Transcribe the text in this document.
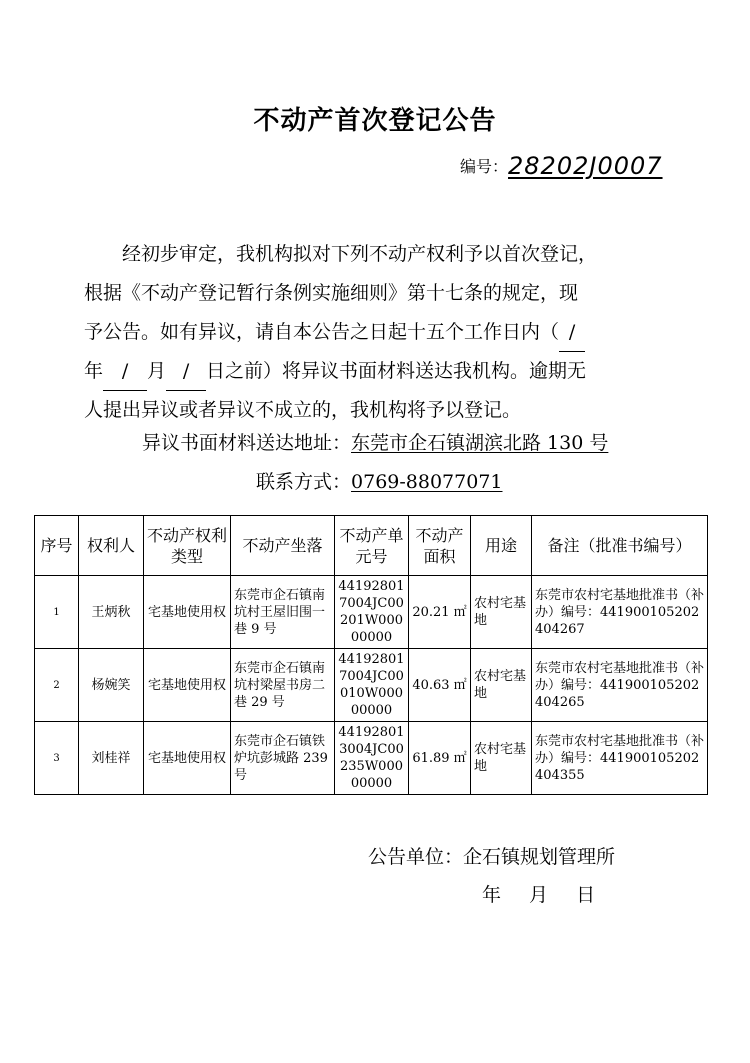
不动产首次登记公告
编号：28202J0007
经初步审定，我机构拟对下列不动产权利予以首次登记，
根据《不动产登记暂行条例实施细则》第十七条的规定，现
予公告。如有异议，请自本公告之日起十五个工作日内（ /
年 / 月 / 日之前）将异议书面材料送达我机构。逾期无
人提出异议或者异议不成立的，我机构将予以登记。
异议书面材料送达地址：东莞市企石镇湖滨北路 130 号
联系方式：0769-88077071
序号	权利人	不动产权利类型	不动产坐落	不动产单元号	不动产面积	用途	备注（批准书编号）
1	王炳秋	宅基地使用权	东莞市企石镇南坑村王屋旧围一巷 9 号	441928017004JC00201W00000000	20.21 ㎡	农村宅基地	东莞市农村宅基地批准书（补办）编号：441900105202404267
2	杨婉笑	宅基地使用权	东莞市企石镇南坑村梁屋书房二巷 29 号	441928017004JC00010W00000000	40.63 ㎡	农村宅基地	东莞市农村宅基地批准书（补办）编号：441900105202404265
3	刘桂祥	宅基地使用权	东莞市企石镇铁炉坑彭城路 239 号	441928013004JC00235W00000000	61.89 ㎡	农村宅基地	东莞市农村宅基地批准书（补办）编号：441900105202404355
公告单位：企石镇规划管理所
年 月 日
